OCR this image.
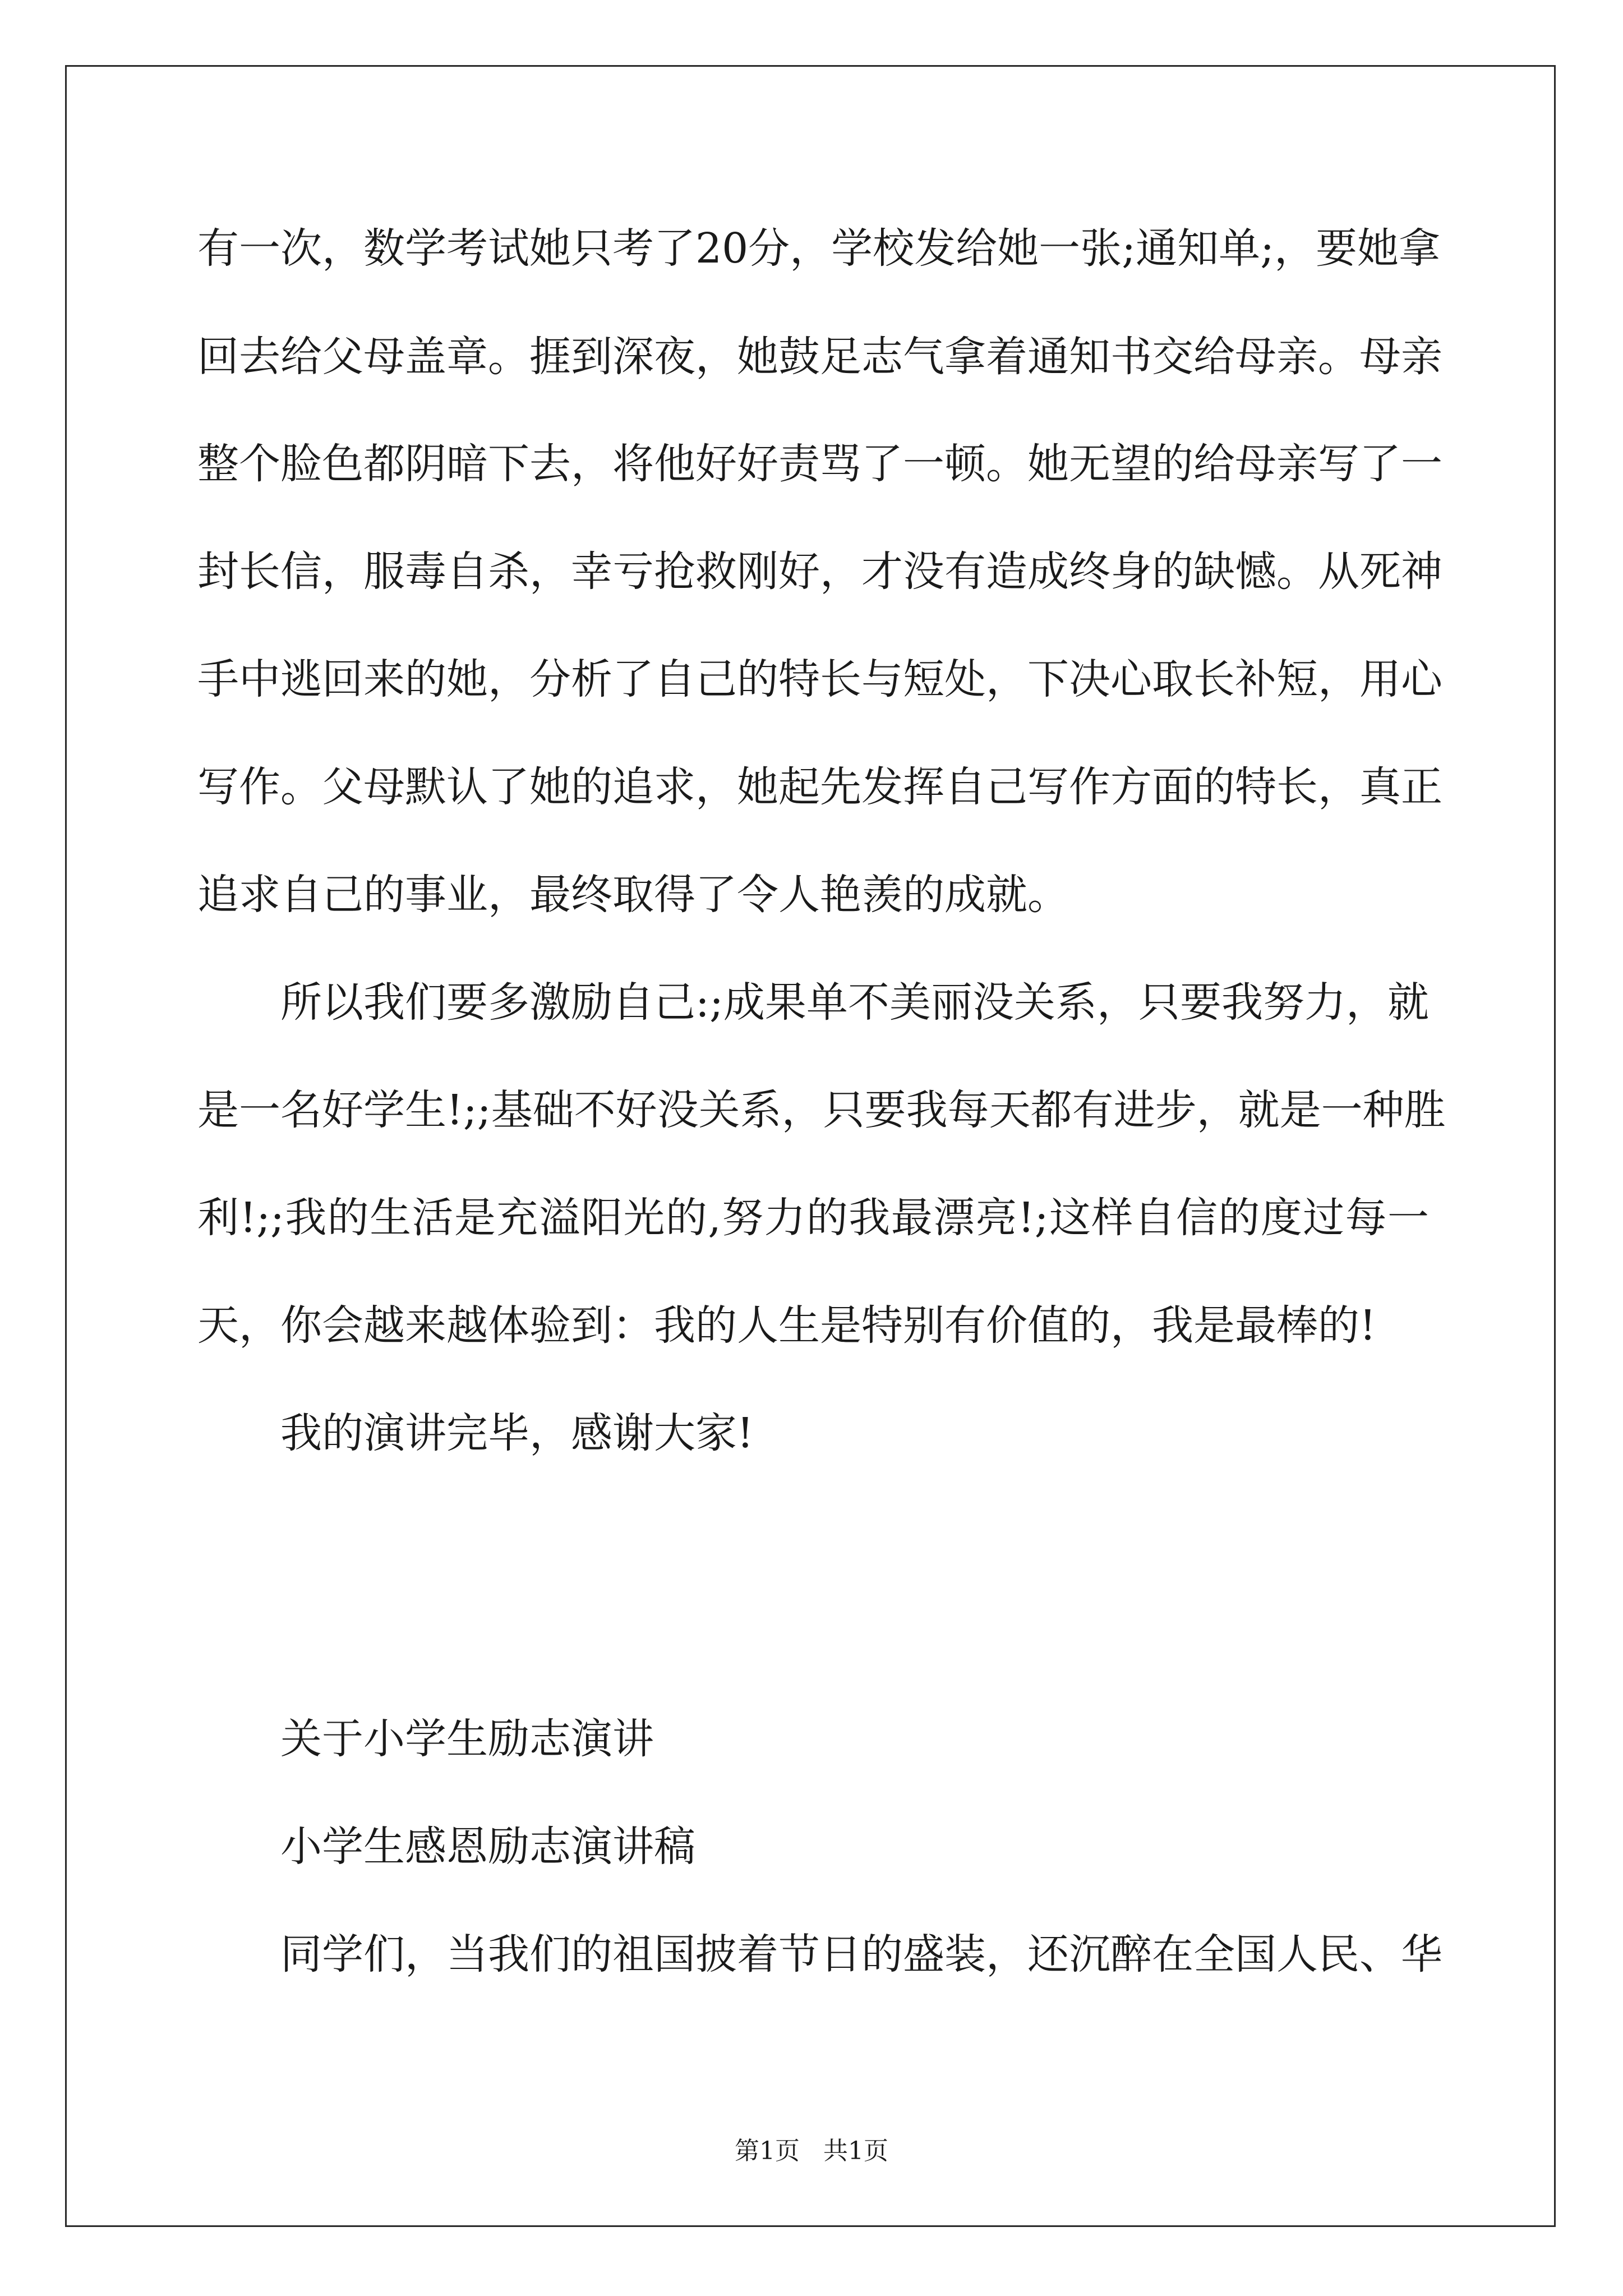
有一次，数学考试她只考了20分，学校发给她一张;通知单;，要她拿
回去给父母盖章。捱到深夜，她鼓足志气拿着通知书交给母亲。母亲
整个脸色都阴暗下去，将他好好责骂了一顿。她无望的给母亲写了一
封长信，服毒自杀，幸亏抢救刚好，才没有造成终身的缺憾。从死神
手中逃回来的她，分析了自己的特长与短处，下决心取长补短，用心
写作。父母默认了她的追求，她起先发挥自己写作方面的特长，真正
追求自己的事业，最终取得了令人艳羡的成就。
所以我们要多激励自己:;成果单不美丽没关系，只要我努力，就
是一名好学生!;;基础不好没关系，只要我每天都有进步，就是一种胜
利!;;我的生活是充溢阳光的,努力的我最漂亮!;这样自信的度过每一
天，你会越来越体验到：我的人生是特别有价值的，我是最棒的!
我的演讲完毕，感谢大家!
关于小学生励志演讲
小学生感恩励志演讲稿
同学们，当我们的祖国披着节日的盛装，还沉醉在全国人民、华
第1页   共1页
